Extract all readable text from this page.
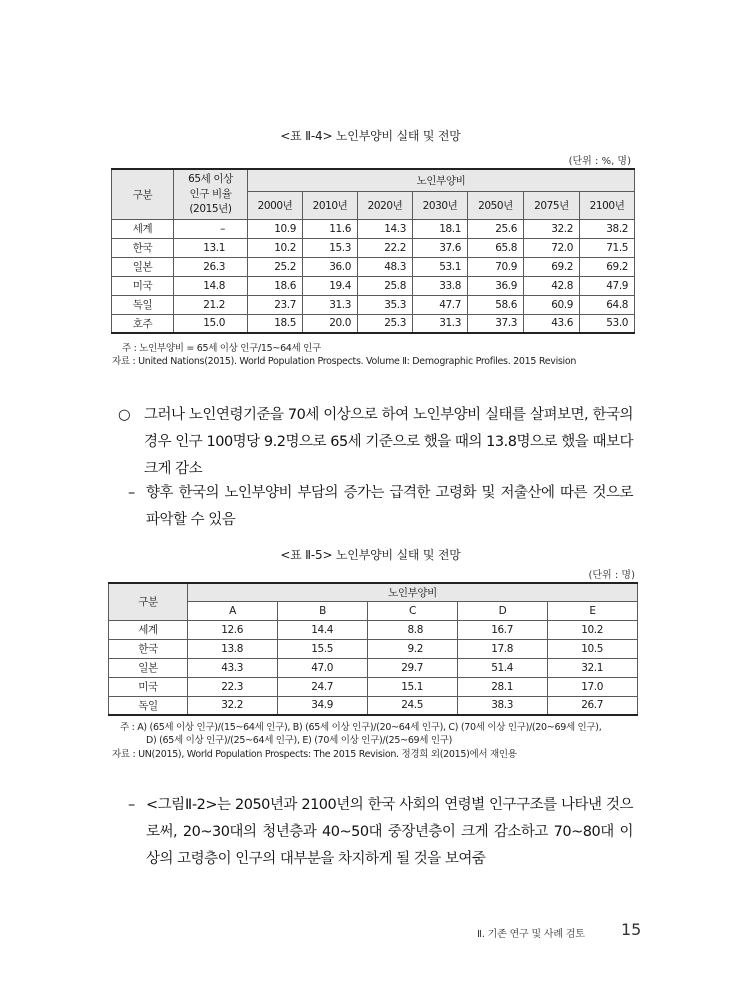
<표 Ⅱ-4> 노인부양비 실태 및 전망
(단위 : %, 명)
구분	65세 이상
인구 비율
(2015년)	노인부양비						
		2000년	2010년	2020년	2030년	2050년	2075년	2100년
세계	–	10.9	11.6	14.3	18.1	25.6	32.2	38.2
한국	13.1	10.2	15.3	22.2	37.6	65.8	72.0	71.5
일본	26.3	25.2	36.0	48.3	53.1	70.9	69.2	69.2
미국	14.8	18.6	19.4	25.8	33.8	36.9	42.8	47.9
독일	21.2	23.7	31.3	35.3	47.7	58.6	60.9	64.8
호주	15.0	18.5	20.0	25.3	31.3	37.3	43.6	53.0
주 : 노인부양비 = 65세 이상 인구/15~64세 인구
자료 : United Nations(2015). World Population Prospects. Volume Ⅱ: Demographic Profiles. 2015 Revision
○ 그러나 노인연령기준을 70세 이상으로 하여 노인부양비 실태를 살펴보면, 한국의 경우 인구 100명당 9.2명으로 65세 기준으로 했을 때의 13.8명으로 했을 때보다 크게 감소
– 향후 한국의 노인부양비 부담의 증가는 급격한 고령화 및 저출산에 따른 것으로 파악할 수 있음
<표 Ⅱ-5> 노인부양비 실태 및 전망
(단위 : 명)
구분	노인부양비				
	A	B	C	D	E
세계	12.6	14.4	8.8	16.7	10.2
한국	13.8	15.5	9.2	17.8	10.5
일본	43.3	47.0	29.7	51.4	32.1
미국	22.3	24.7	15.1	28.1	17.0
독일	32.2	34.9	24.5	38.3	26.7
주 : A) (65세 이상 인구)/(15~64세 인구), B) (65세 이상 인구)/(20~64세 인구), C) (70세 이상 인구)/(20~69세 인구),
D) (65세 이상 인구)/(25~64세 인구), E) (70세 이상 인구)/(25~69세 인구)
자료 : UN(2015), World Population Prospects: The 2015 Revision. 정경희 외(2015)에서 재인용
– <그림Ⅱ-2>는 2050년과 2100년의 한국 사회의 연령별 인구구조를 나타낸 것으로써, 20~30대의 청년층과 40~50대 중장년층이 크게 감소하고 70~80대 이상의 고령층이 인구의 대부분을 차지하게 될 것을 보여줌
Ⅱ. 기존 연구 및 사례 검토 15
